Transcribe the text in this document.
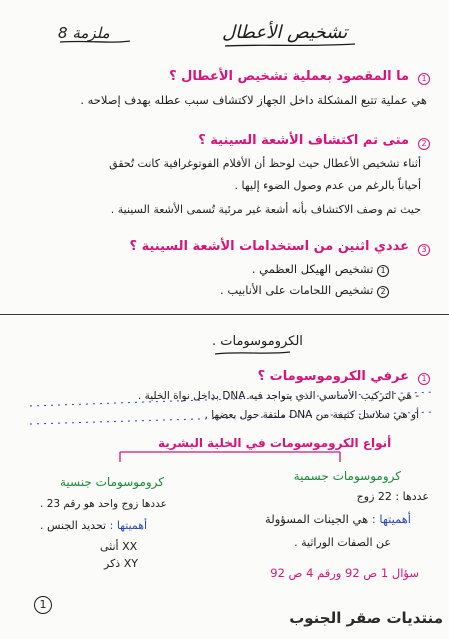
ملزمة 8	تشخيص الأعطال
1
ما المقصود بعملية تشخيص الأعطال ؟
هي عملية تتبع المشكلة داخل الجهاز لاكتشاف سبب عطله بهدف إصلاحه .
2
متى تم اكتشاف الأشعة السينية ؟
أثناء تشخيص الأعطال حيث لوحظ أن الأفلام الفوتوغرافية كانت تُحقق
أحياناً بالرغم من عدم وصول الضوء إليها .
حيث تم وصف الاكتشاف بأنه أشعة غير مرئية تُسمى الأشعة السينية .
3
عددي اثنين من استخدامات الأشعة السينية ؟
1 تشخيص الهيكل العظمي .
2 تشخيص اللحامات على الأنابيب .
الكروموسومات .
1
عرفي الكروموسومات ؟
- هي التركيب الأساسي الذي يتواجد فيه DNA بداخل نواة الخلية .
أو هي سلاسل كثيفة من DNA ملتفة حول بعضها .
أنواع الكروموسومات في الخلية البشرية
كروموسومات جسمية
عددها : 22 زوج
أهميتها : هي الجينات المسؤولة
عن الصفات الوراثية .
سؤال 1 ص 92 ورقم 4 ص 92
كروموسومات جنسية
عددها زوج واحد هو رقم 23 .
أهميتها : تحديد الجنس .
XX أنثى
XY ذكر
1
منتديات صقر الجنوب
